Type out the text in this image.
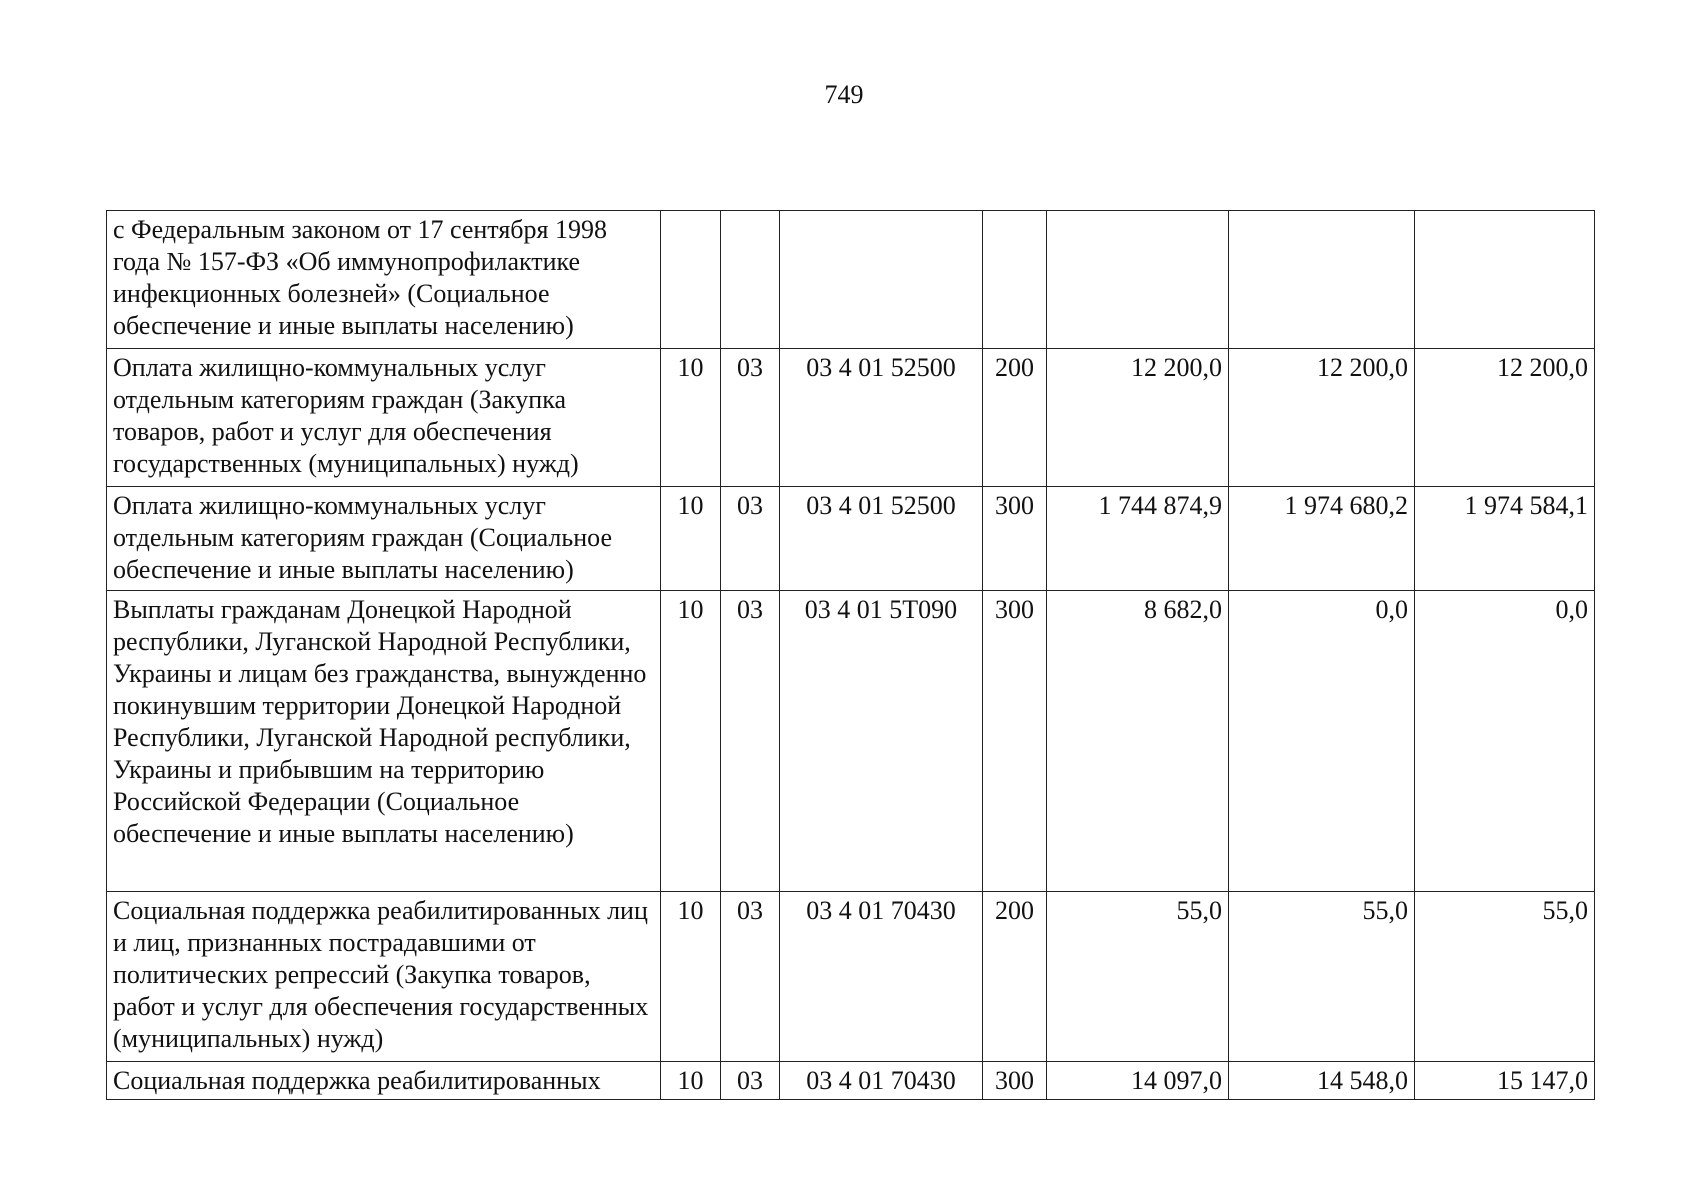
749
с Федеральным законом от 17 сентября 1998 года № 157-ФЗ «Об иммунопрофилактике инфекционных болезней» (Социальное обеспечение и иные выплаты населению)							
Оплата жилищно-коммунальных услуг отдельным категориям граждан (Закупка товаров, работ и услуг для обеспечения государственных (муниципальных) нужд)	10	03	03 4 01 52500	200	12 200,0	12 200,0	12 200,0
Оплата жилищно-коммунальных услуг отдельным категориям граждан (Социальное обеспечение и иные выплаты населению)	10	03	03 4 01 52500	300	1 744 874,9	1 974 680,2	1 974 584,1
Выплаты гражданам Донецкой Народной республики, Луганской Народной Республики, Украины и лицам без гражданства, вынужденно покинувшим территории Донецкой Народной Республики, Луганской Народной республики, Украины и прибывшим на территорию Российской Федерации (Социальное обеспечение и иные выплаты населению)	10	03	03 4 01 5Т090	300	8 682,0	0,0	0,0
Социальная поддержка реабилитированных лиц и лиц, признанных пострадавшими от политических репрессий (Закупка товаров, работ и услуг для обеспечения государственных (муниципальных) нужд)	10	03	03 4 01 70430	200	55,0	55,0	55,0
Социальная поддержка реабилитированных	10	03	03 4 01 70430	300	14 097,0	14 548,0	15 147,0
